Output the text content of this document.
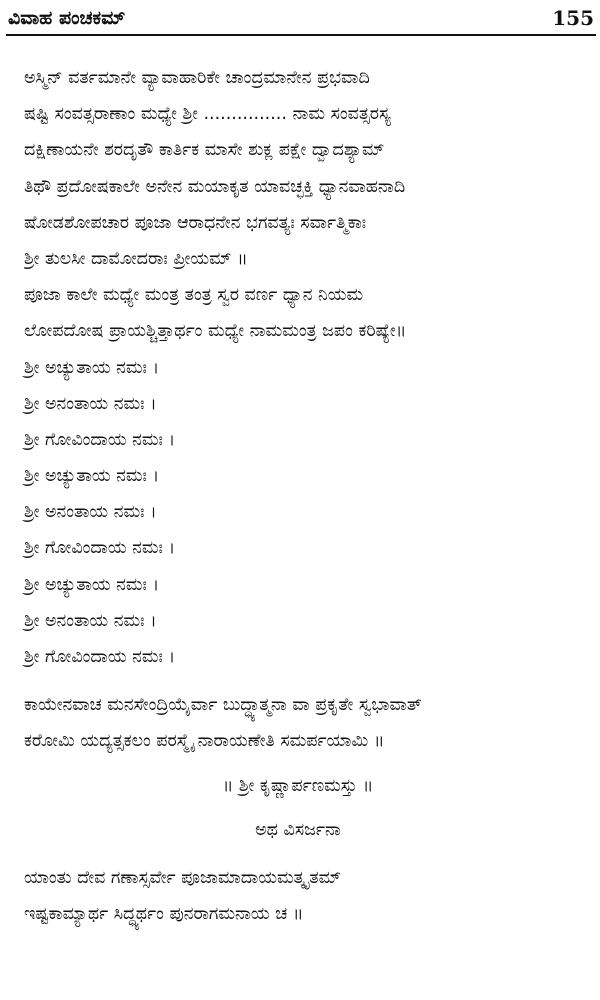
ವಿವಾಹ ಪಂಚಕಮ್	155
ಅಸ್ಮಿನ್ ವರ್ತಮಾನೇ ವ್ಯಾವಾಹಾರಿಕೇ ಚಾಂದ್ರಮಾನೇನ ಪ್ರಭವಾದಿ
ಷಷ್ಟಿ ಸಂವತ್ಸರಾಣಾಂ ಮಧ್ಯೇ ಶ್ರೀ ............... ನಾಮ ಸಂವತ್ಸರಸ್ಯ
ದಕ್ಷಿಣಾಯನೇ ಶರದೃತೌ ಕಾರ್ತಿಕ ಮಾಸೇ ಶುಕ್ಲ ಪಕ್ಷೇ ದ್ವಾದಶ್ಯಾಮ್
ತಿಥೌ ಪ್ರದೋಷಕಾಲೇ ಅನೇನ ಮಯಾಕೃತ ಯಾವಚ್ಛಕ್ತಿ ಧ್ಯಾನವಾಹನಾದಿ
ಷೋಡಶೋಪಚಾರ ಪೂಜಾ ಆರಾಧನೇನ ಭಗವತ್ಯಃ ಸರ್ವಾತ್ಮಿಕಾಃ
ಶ್ರೀ ತುಲಸೀ ದಾಮೋದರಾಃ ಪ್ರೀಯಮ್ ॥
ಪೂಜಾ ಕಾಲೇ ಮಧ್ಯೇ ಮಂತ್ರ ತಂತ್ರ ಸ್ವರ ವರ್ಣ ಧ್ಯಾನ ನಿಯಮ
ಲೋಪದೋಷ ಪ್ರಾಯಶ್ಚಿತ್ತಾರ್ಥಂ ಮಧ್ಯೇ ನಾಮಮಂತ್ರ ಜಪಂ ಕರಿಷ್ಯೇ॥
ಶ್ರೀ ಅಚ್ಯುತಾಯ ನಮಃ ।
ಶ್ರೀ ಅನಂತಾಯ ನಮಃ ।
ಶ್ರೀ ಗೋವಿಂದಾಯ ನಮಃ ।
ಶ್ರೀ ಅಚ್ಯುತಾಯ ನಮಃ ।
ಶ್ರೀ ಅನಂತಾಯ ನಮಃ ।
ಶ್ರೀ ಗೋವಿಂದಾಯ ನಮಃ ।
ಶ್ರೀ ಅಚ್ಯುತಾಯ ನಮಃ ।
ಶ್ರೀ ಅನಂತಾಯ ನಮಃ ।
ಶ್ರೀ ಗೋವಿಂದಾಯ ನಮಃ ।
ಕಾಯೇನವಾಚ ಮನಸೇಂದ್ರಿಯೈರ್ವಾ ಬುದ್ಧ್ಯಾತ್ಮನಾ ವಾ ಪ್ರಕೃತೇ ಸ್ವಭಾವಾತ್
ಕರೋಮಿ ಯದ್ಯತ್ಸಕಲಂ ಪರಸ್ಮೈ ನಾರಾಯಣೇತಿ ಸಮರ್ಪಯಾಮಿ ॥
॥ ಶ್ರೀ ಕೃಷ್ಣಾರ್ಪಣಮಸ್ತು ॥
ಅಥ ವಿಸರ್ಜನಾ
ಯಾಂತು ದೇವ ಗಣಾಸ್ಸರ್ವೇ ಪೂಜಾಮಾದಾಯಮತ್ಕೃತಮ್
ಇಷ್ಟಕಾಮ್ಯಾರ್ಥ ಸಿದ್ಧ್ಯರ್ಥಂ ಪುನರಾಗಮನಾಯ ಚ ॥
